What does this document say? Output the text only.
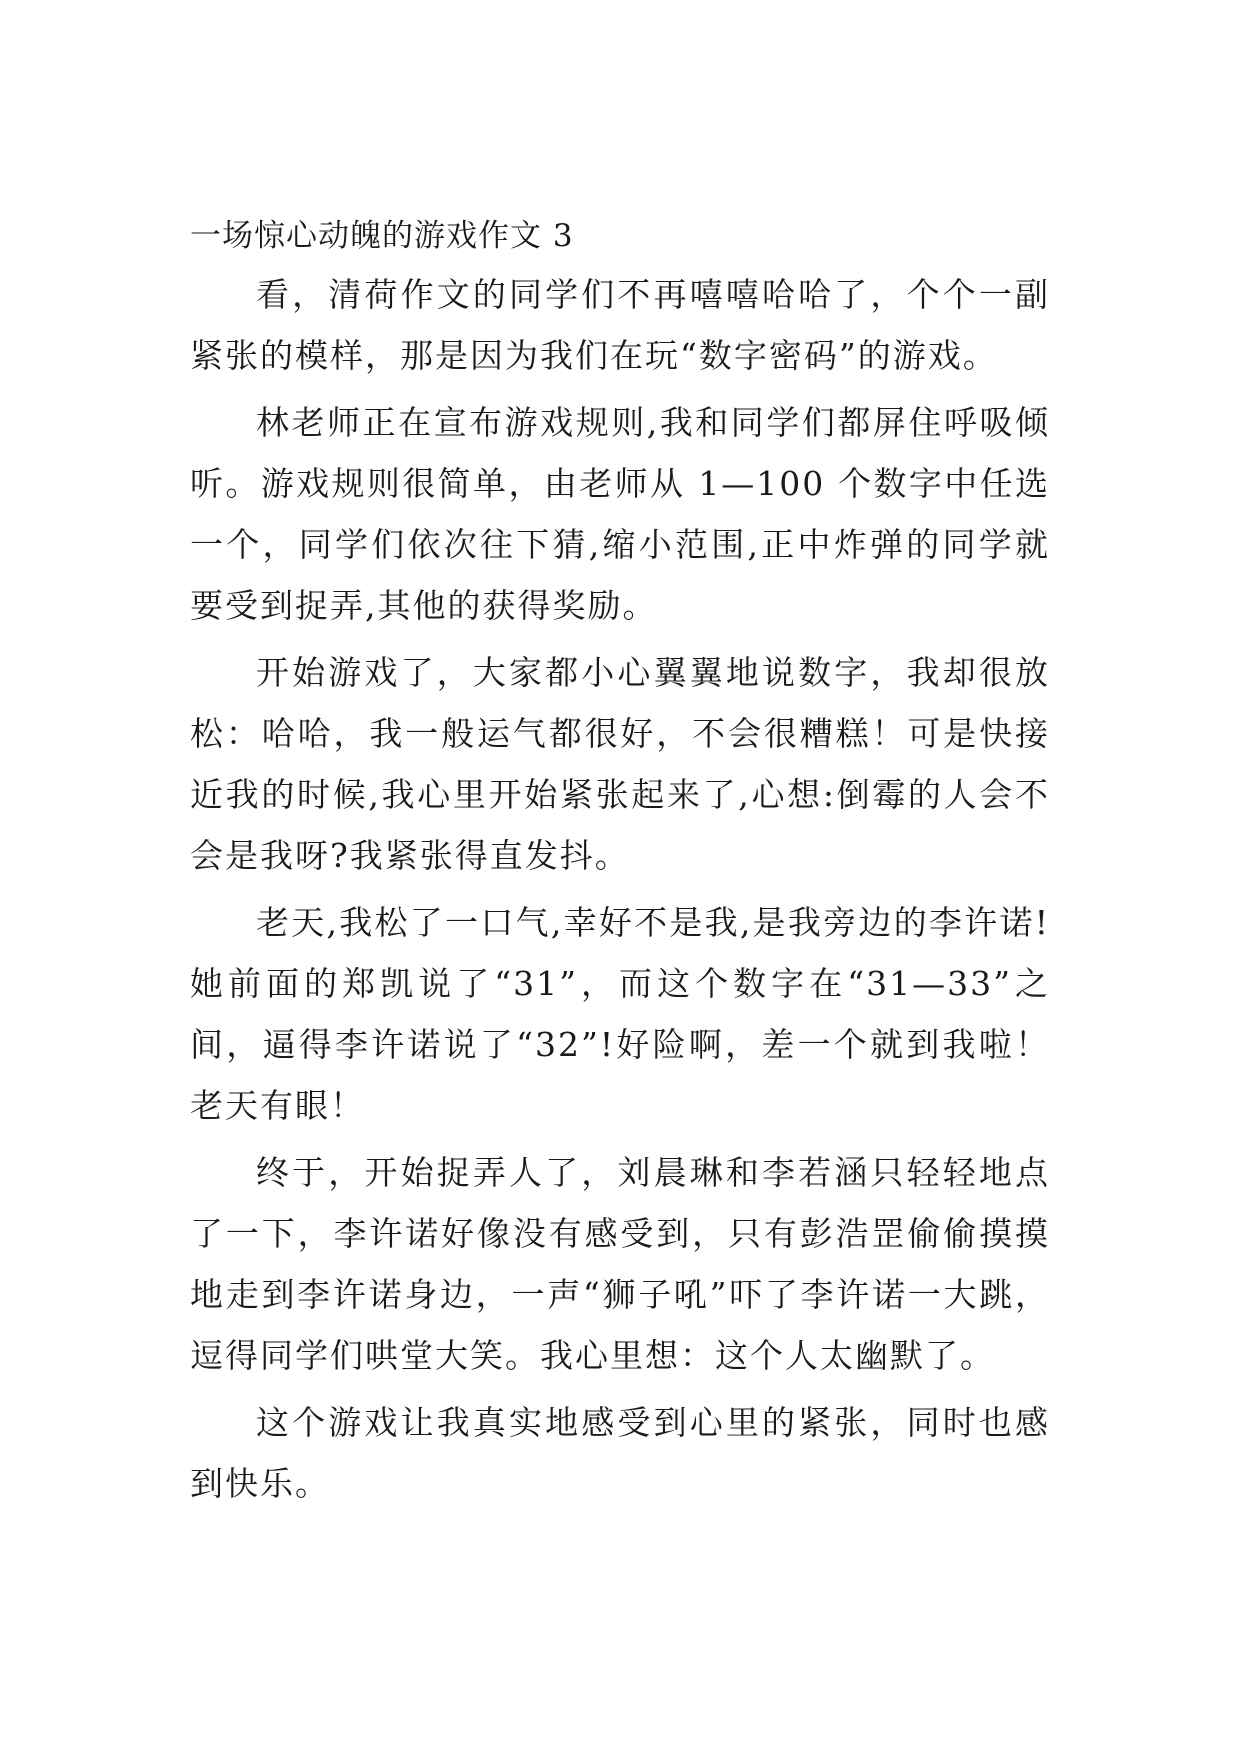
一场惊心动魄的游戏作文 3

看，清荷作文的同学们不再嘻嘻哈哈了，个个一副紧张的模样，那是因为我们在玩“数字密码”的游戏。

林老师正在宣布游戏规则,我和同学们都屏住呼吸倾听。游戏规则很简单，由老师从 1—100 个数字中任选一个，同学们依次往下猜,缩小范围,正中炸弹的同学就要受到捉弄,其他的获得奖励。

开始游戏了，大家都小心翼翼地说数字，我却很放松：哈哈，我一般运气都很好，不会很糟糕！可是快接近我的时候,我心里开始紧张起来了,心想:倒霉的人会不会是我呀?我紧张得直发抖。

老天,我松了一口气,幸好不是我,是我旁边的李许诺!她前面的郑凯说了“31”，而这个数字在“31—33”之间，逼得李许诺说了“32”!好险啊，差一个就到我啦！老天有眼！

终于，开始捉弄人了，刘晨琳和李若涵只轻轻地点了一下，李许诺好像没有感受到，只有彭浩罡偷偷摸摸地走到李许诺身边，一声“狮子吼”吓了李许诺一大跳，逗得同学们哄堂大笑。我心里想：这个人太幽默了。

这个游戏让我真实地感受到心里的紧张，同时也感到快乐。
